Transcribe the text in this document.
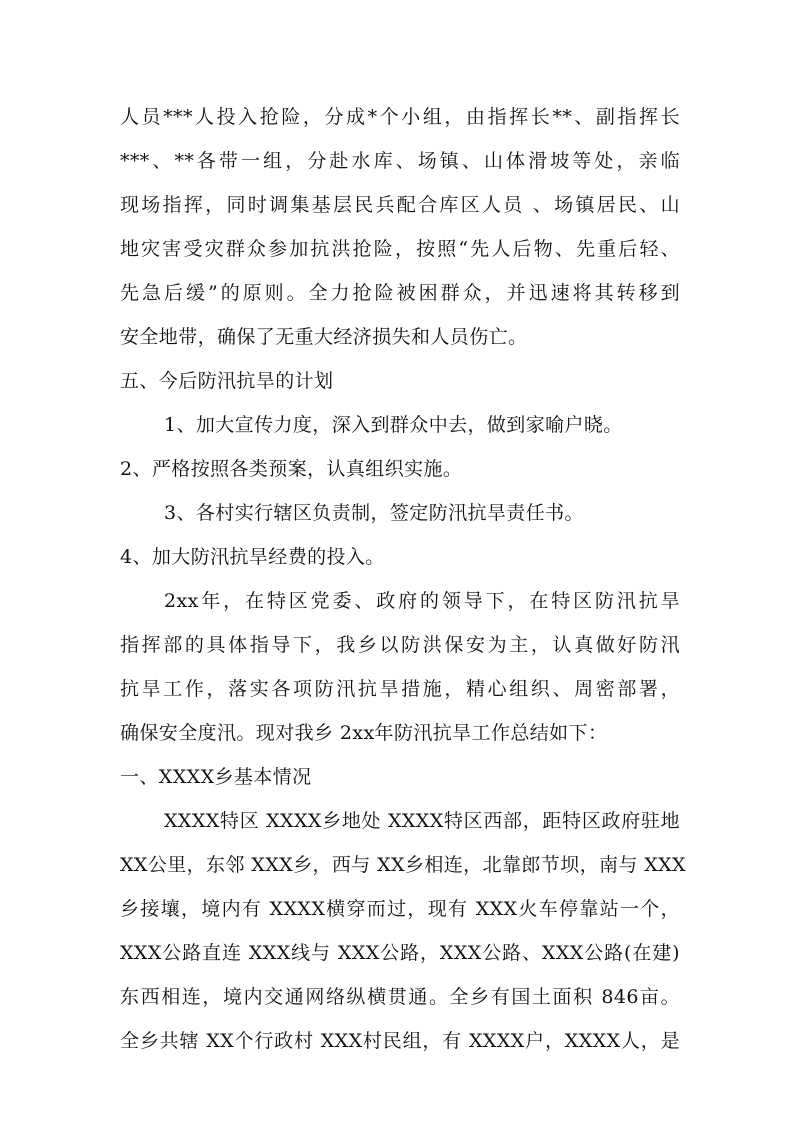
人员***人投入抢险，分成*个小组，由指挥长**、副指挥长
***、**各带一组，分赴水库、场镇、山体滑坡等处，亲临
现场指挥，同时调集基层民兵配合库区人员 、场镇居民、山
地灾害受灾群众参加抗洪抢险，按照“先人后物、先重后轻、
先急后缓”的原则。全力抢险被困群众，并迅速将其转移到
安全地带，确保了无重大经济损失和人员伤亡。
五、今后防汛抗旱的计划
1、加大宣传力度，深入到群众中去，做到家喻户晓。
2、严格按照各类预案，认真组织实施。
3、各村实行辖区负责制，签定防汛抗旱责任书。
4、加大防汛抗旱经费的投入。
2xx年，在特区党委、政府的领导下，在特区防汛抗旱
指挥部的具体指导下，我乡以防洪保安为主，认真做好防汛
抗旱工作，落实各项防汛抗旱措施，精心组织、周密部署，
确保安全度汛。现对我乡 2xx年防汛抗旱工作总结如下：
一、XXXX乡基本情况
XXXX特区 XXXX乡地处 XXXX特区西部，距特区政府驻地
XX公里，东邻 XXX乡，西与 XX乡相连，北靠郎节坝，南与 XXX
乡接壤，境内有 XXXX横穿而过，现有 XXX火车停靠站一个，
XXX公路直连 XXX线与 XXX公路，XXX公路、XXX公路(在建)
东西相连，境内交通网络纵横贯通。全乡有国土面积 846亩。
全乡共辖 XX个行政村 XXX村民组，有 XXXX户，XXXX人，是
